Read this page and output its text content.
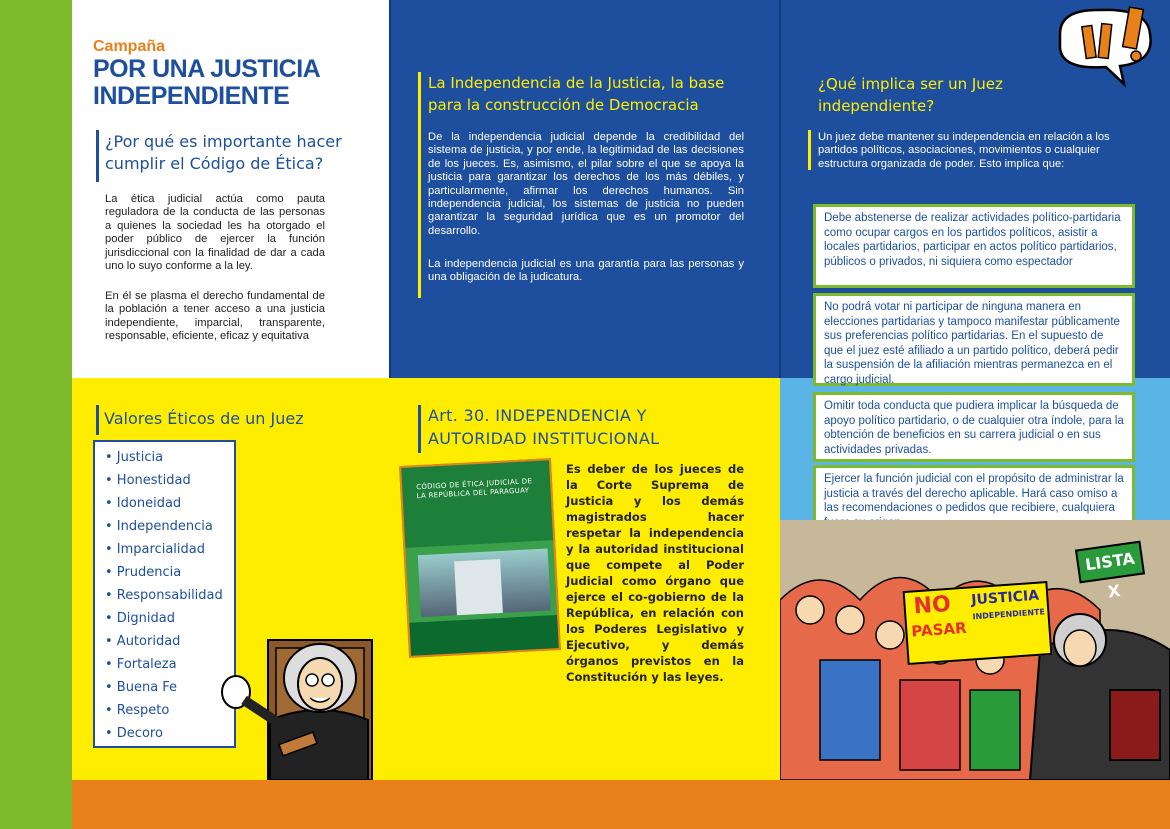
Campaña
POR UNA JUSTICIA
INDEPENDIENTE
¿Por qué es importante hacer cumplir el Código de Ética?

La ética judicial actúa como pauta reguladora de la conducta de las personas a quienes la sociedad les ha otorgado el poder público de ejercer la función jurisdiccional con la finalidad de dar a cada uno lo suyo conforme a la ley.

En él se plasma el derecho fundamental de la población a tener acceso a una justicia independiente, imparcial, transparente, responsable, eficiente, eficaz y equitativa

La Independencia de la Justicia, la base para la construcción de Democracia

De la independencia judicial depende la credibilidad del sistema de justicia, y por ende, la legitimidad de las decisiones de los jueces. Es, asimismo, el pilar sobre el que se apoya la justicia para garantizar los derechos de los más débiles, y particularmente, afirmar los derechos humanos. Sin independencia judicial, los sistemas de justicia no pueden garantizar la seguridad jurídica que es un promotor del desarrollo.

La independencia judicial es una garantía para las personas y una obligación de la judicatura.

¿Qué implica ser un Juez independiente?

Un juez debe mantener su independencia en relación a los partidos políticos, asociaciones, movimientos o cualquier estructura organizada de poder. Esto implica que:

Debe abstenerse de realizar actividades político-partidaria como ocupar cargos en los partidos políticos, asistir a locales partidarios, participar en actos político partidarios, públicos o privados, ni siquiera como espectador
No podrá votar ni participar de ninguna manera en elecciones partidarias y tampoco manifestar públicamente sus preferencias político partidarias. En el supuesto de que el juez esté afiliado a un partido político, deberá pedir la suspensión de la afiliación mientras permanezca en el cargo judicial.
Omitir toda conducta que pudiera implicar la búsqueda de apoyo político partidario, o de cualquier otra índole, para la obtención de beneficios en su carrera judicial o en sus actividades privadas.
Ejercer la función judicial con el propósito de administrar la justicia a través del derecho aplicable. Hará caso omiso a las recomendaciones o pedidos que recibiere, cualquiera
Valores Éticos de un Juez
• Justicia
• Honestidad
• Idoneidad
• Independencia
• Imparcialidad
• Prudencia
• Responsabilidad
• Dignidad
• Autoridad
• Fortaleza
• Buena Fe
• Respeto
• Decoro
Art. 30. INDEPENDENCIA Y
AUTORIDAD INSTITUCIONAL

Es deber de los jueces de la Corte Suprema de Justicia y los demás magistrados hacer respetar la independencia y la autoridad institucional que compete al Poder Judicial como órgano que ejerce el co-gobierno de la República, en relación con los Poderes Legislativo y Ejecutivo, y demás órganos previstos en la Constitución y las leyes.

CÓDIGO DE ÉTICA JUDICIAL DE LA REPÚBLICA DEL PARAGUAY
LISTA X
NO
PASAR
JUSTICIA
INDEPENDIENTE
